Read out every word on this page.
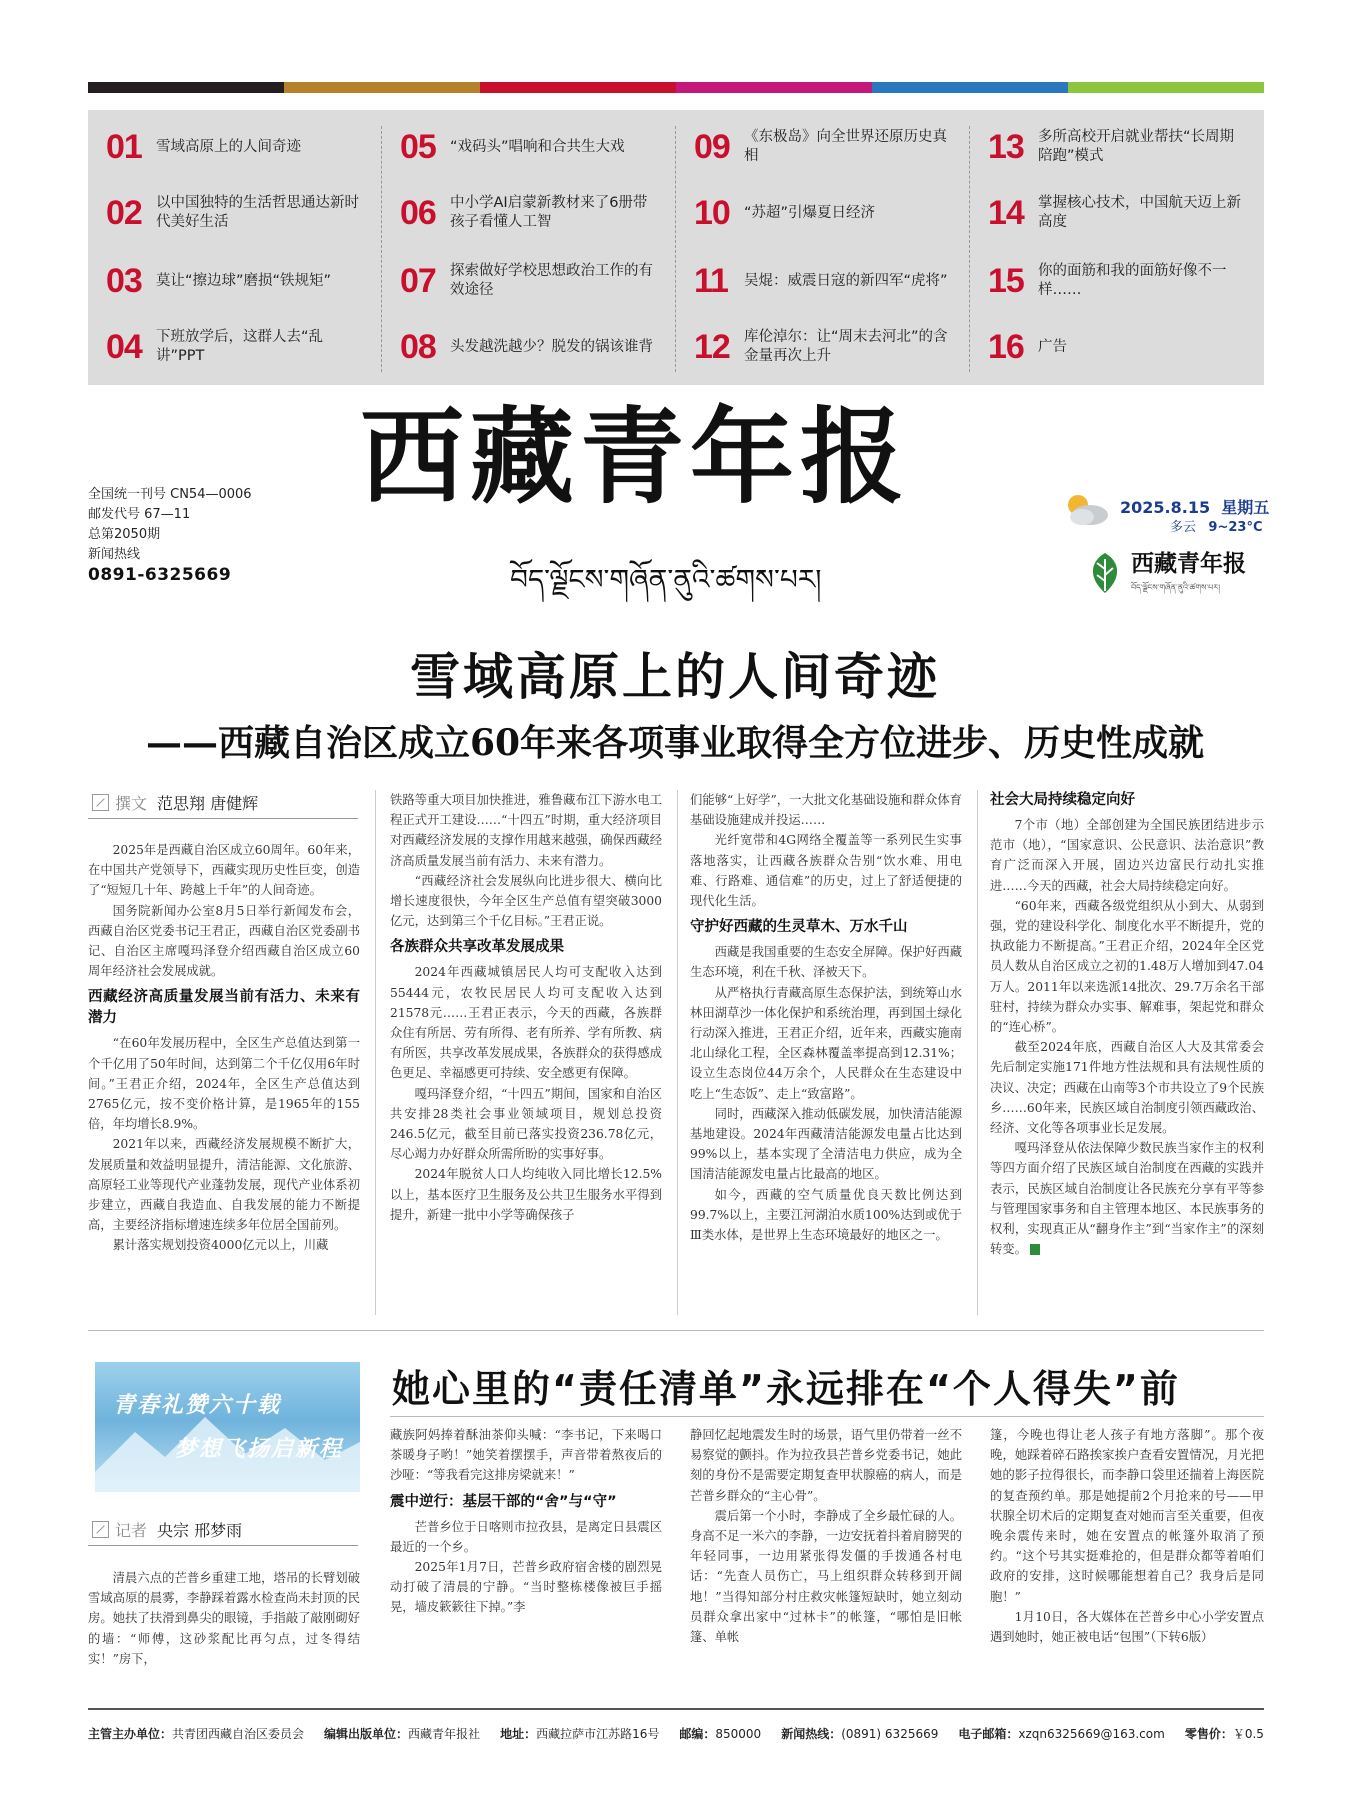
01 雪域高原上的人间奇迹
02 以中国独特的生活哲思通达新时代美好生活
03 莫让“擦边球”磨损“铁规矩”
04 下班放学后，这群人去“乱讲”PPT
05 “戏码头”唱响和合共生大戏
06 中小学AI启蒙新教材来了6册带孩子看懂人工智
07 探索做好学校思想政治工作的有效途径
08 头发越洗越少？脱发的锅该谁背
09 《东极岛》向全世界还原历史真相
10 “苏超”引爆夏日经济
11	吴焜：威震日寇的新四军“虎将”
12 库伦淖尔：让“周末去河北”的含金量再次上升
13 多所高校开启就业帮扶“长周期陪跑”模式
14 掌握核心技术，中国航天迈上新高度
15 你的面筋和我的面筋好像不一样……
16 广告
西藏青年报
བོད་ལྗོངས་གཞོན་ནུའི་ཚགས་པར།
全国统一刊号 CN54—0006
邮发代号 67—11
总第2050期
新闻热线
0891-6325669
2025.8.15 星期五
多云 9~23°C
西藏青年报
བོད་ལྗོངས་གཞོན་ནུའི་ཚགས་པར།
雪域高原上的人间奇迹
——西藏自治区成立60年来各项事业取得全方位进步、历史性成就
撰文 范思翔 唐健辉

2025年是西藏自治区成立60周年。60年来，在中国共产党领导下，西藏实现历史性巨变，创造了“短短几十年、跨越上千年”的人间奇迹。

国务院新闻办公室8月5日举行新闻发布会，西藏自治区党委书记王君正，西藏自治区党委副书记、自治区主席嘎玛泽登介绍西藏自治区成立60周年经济社会发展成就。

西藏经济高质量发展当前有活力、未来有潜力

“在60年发展历程中，全区生产总值达到第一个千亿用了50年时间，达到第二个千亿仅用6年时间。”王君正介绍，2024年，全区生产总值达到2765亿元，按不变价格计算，是1965年的155倍，年均增长8.9%。

2021年以来，西藏经济发展规模不断扩大，发展质量和效益明显提升，清洁能源、文化旅游、高原轻工业等现代产业蓬勃发展，现代产业体系初步建立，西藏自我造血、自我发展的能力不断提高，主要经济指标增速连续多年位居全国前列。

累计落实规划投资4000亿元以上，川藏

铁路等重大项目加快推进，雅鲁藏布江下游水电工程正式开工建设……“十四五”时期，重大经济项目对西藏经济发展的支撑作用越来越强，确保西藏经济高质量发展当前有活力、未来有潜力。

“西藏经济社会发展纵向比进步很大、横向比增长速度很快，今年全区生产总值有望突破3000亿元，达到第三个千亿目标。”王君正说。

各族群众共享改革发展成果

2024年西藏城镇居民人均可支配收入达到55444元，农牧民居民人均可支配收入达到21578元……王君正表示，今天的西藏，各族群众住有所居、劳有所得、老有所养、学有所教、病有所医，共享改革发展成果，各族群众的获得感成色更足、幸福感更可持续、安全感更有保障。

嘎玛泽登介绍，“十四五”期间，国家和自治区共安排28类社会事业领域项目，规划总投资246.5亿元，截至目前已落实投资236.78亿元，尽心竭力办好群众所需所盼的实事好事。

2024年脱贫人口人均纯收入同比增长12.5%以上，基本医疗卫生服务及公共卫生服务水平得到提升，新建一批中小学等确保孩子

们能够“上好学”，一大批文化基础设施和群众体育基础设施建成并投运……

光纤宽带和4G网络全覆盖等一系列民生实事落地落实，让西藏各族群众告别“饮水难、用电难、行路难、通信难”的历史，过上了舒适便捷的现代化生活。

守护好西藏的生灵草木、万水千山

西藏是我国重要的生态安全屏障。保护好西藏生态环境，利在千秋、泽被天下。

从严格执行青藏高原生态保护法，到统筹山水林田湖草沙一体化保护和系统治理，再到国土绿化行动深入推进，王君正介绍，近年来，西藏实施南北山绿化工程，全区森林覆盖率提高到12.31%；设立生态岗位44万余个，人民群众在生态建设中吃上“生态饭”、走上“致富路”。

同时，西藏深入推动低碳发展，加快清洁能源基地建设。2024年西藏清洁能源发电量占比达到99%以上，基本实现了全清洁电力供应，成为全国清洁能源发电量占比最高的地区。

如今，西藏的空气质量优良天数比例达到99.7%以上，主要江河湖泊水质100%达到或优于Ⅲ类水体，是世界上生态环境最好的地区之一。

社会大局持续稳定向好

7个市（地）全部创建为全国民族团结进步示范市（地），“国家意识、公民意识、法治意识”教育广泛而深入开展，固边兴边富民行动扎实推进……今天的西藏，社会大局持续稳定向好。

“60年来，西藏各级党组织从小到大、从弱到强，党的建设科学化、制度化水平不断提升，党的执政能力不断提高。”王君正介绍，2024年全区党员人数从自治区成立之初的1.48万人增加到47.04万人。2011年以来选派14批次、29.7万余名干部驻村，持续为群众办实事、解难事，架起党和群众的“连心桥”。

截至2024年底，西藏自治区人大及其常委会先后制定实施171件地方性法规和具有法规性质的决议、决定；西藏在山南等3个市共设立了9个民族乡……60年来，民族区域自治制度引领西藏政治、经济、文化等各项事业长足发展。

嘎玛泽登从依法保障少数民族当家作主的权利等四方面介绍了民族区域自治制度在西藏的实践并表示，民族区域自治制度让各民族充分享有平等参与管理国家事务和自主管理本地区、本民族事务的权利，实现真正从“翻身作主”到“当家作主”的深刻转变。

青春礼赞六十载
梦想飞扬启新程
她心里的“责任清单”永远排在“个人得失”前
记者 央宗 邢梦雨

清晨六点的芒普乡重建工地，塔吊的长臂划破雪域高原的晨雾，李静踩着露水检查尚未封顶的民房。她扶了扶滑到鼻尖的眼镜，手指敲了敲刚砌好的墙：“师傅，这砂浆配比再匀点，过冬得结实！”房下，

藏族阿妈捧着酥油茶仰头喊：“李书记，下来喝口茶暖身子哟！”她笑着摆摆手，声音带着熬夜后的沙哑：“等我看完这排房梁就来！”

震中逆行：基层干部的“舍”与“守”

芒普乡位于日喀则市拉孜县，是离定日县震区最近的一个乡。

2025年1月7日，芒普乡政府宿舍楼的剧烈晃动打破了清晨的宁静。“当时整栋楼像被巨手摇晃，墙皮簌簌往下掉。”李

静回忆起地震发生时的场景，语气里仍带着一丝不易察觉的颤抖。作为拉孜县芒普乡党委书记，她此刻的身份不是需要定期复查甲状腺癌的病人，而是芒普乡群众的“主心骨”。

震后第一个小时，李静成了全乡最忙碌的人。身高不足一米六的李静，一边安抚着抖着肩膀哭的年轻同事，一边用紧张得发僵的手拨通各村电话：“先查人员伤亡，马上组织群众转移到开阔地！”当得知部分村庄救灾帐篷短缺时，她立刻动员群众拿出家中“过林卡”的帐篷，“哪怕是旧帐篷、单帐

篷，今晚也得让老人孩子有地方落脚”。那个夜晚，她踩着碎石路挨家挨户查看安置情况，月光把她的影子拉得很长，而李静口袋里还揣着上海医院的复查预约单。那是她提前2个月抢来的号——甲状腺全切术后的定期复查对她而言至关重要，但夜晚余震传来时，她在安置点的帐篷外取消了预约。“这个号其实挺难抢的，但是群众都等着咱们政府的安排，这时候哪能想着自己？我身后是同胞！”

1月10日，各大媒体在芒普乡中心小学安置点遇到她时，她正被电话“包围”（下转6版）

主管主办单位：共青团西藏自治区委员会 编辑出版单位：西藏青年报社 地址：西藏拉萨市江苏路16号 邮编：850000 新闻热线：(0891) 6325669 电子邮箱：xzqn6325669@163.com 零售价：￥0.5
